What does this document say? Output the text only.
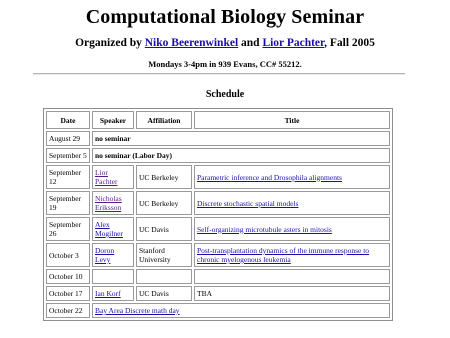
Computational Biology Seminar
Organized by Niko Beerenwinkel and Lior Pachter, Fall 2005
Mondays 3-4pm in 939 Evans, CC# 55212.
Schedule
Date	Speaker	Affiliation	Title
August 29	no seminar		
September 5	no seminar (Labor Day)		
September 12	Lior Pachter	UC Berkeley	Parametric inference and Drosophila alignments
September 19	Nicholas Eriksson	UC Berkeley	Discrete stochastic spatial models
September 26	Alex Mogilner	UC Davis	Self-organizing microtubule asters in mitosis
October 3	Doron Levy	Stanford University	Post-transplantation dynamics of the immune response to chronic myelogenous leukemia
October 10			
October 17	Ian Korf	UC Davis	TBA
October 22	Bay Area Discrete math day		
